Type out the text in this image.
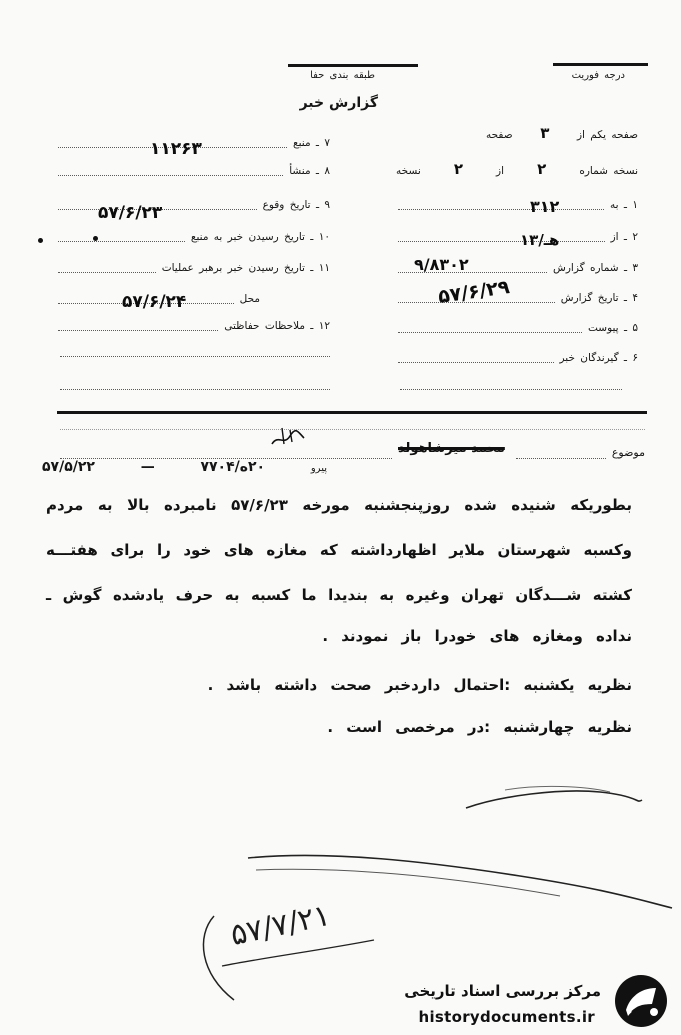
طبقه بندی حفا	درجه فوریت
گزارش خبر
صفحه یکم از
۳
صفحه
نسخه شماره
۲
از
۲
نسخه
۱ ـ به
۳۱۲
۲ ـ از
هـ/۱۳
۳ ـ شماره گزارش
۹/۸۳۰۲
۴ ـ تاریخ گزارش
۵۷/۶/۲۹
۵ ـ پیوست
۶ ـ گیرندگان خبر
۷ ـ منبع
۱۱۲۶۳
۸ ـ منشأ
۹ ـ تاریخ وقوع
۵۷/۶/۲۳
۱۰ ـ تاریخ رسیدن خبر به منبع
۱۱ ـ تاریخ رسیدن خبر برهبر عملیات
محل
۵۷/۶/۲۴
۱۲ ـ ملاحظات حفاظتی
موضوع
محمد میرشاهولد
پیرو
۲۰ه/۷۷۰۴
—
۵۷/۵/۲۲
بطوریکه شنیده شده روزپنجشنبه مورخه ۵۷/۶/۲۳ نامبرده بالا به مردم
وکسبه شهرستان ملایر اظهارداشته که مغازه های خود را برای هفتـــه
کشته شـــدگان تهران وغیره به بندیدا ما کسبه به حرف یادشده گوش ـ
نداده ومغازه های خودرا باز نمودند .
نظریه یکشنبه :احتمال داردخبر صحت داشته باشد .
نظریه چهارشنبه :در مرخصی است .
۵۷/۷/۲۱
مرکز بررسی اسناد تاریخی
historydocuments.ir
